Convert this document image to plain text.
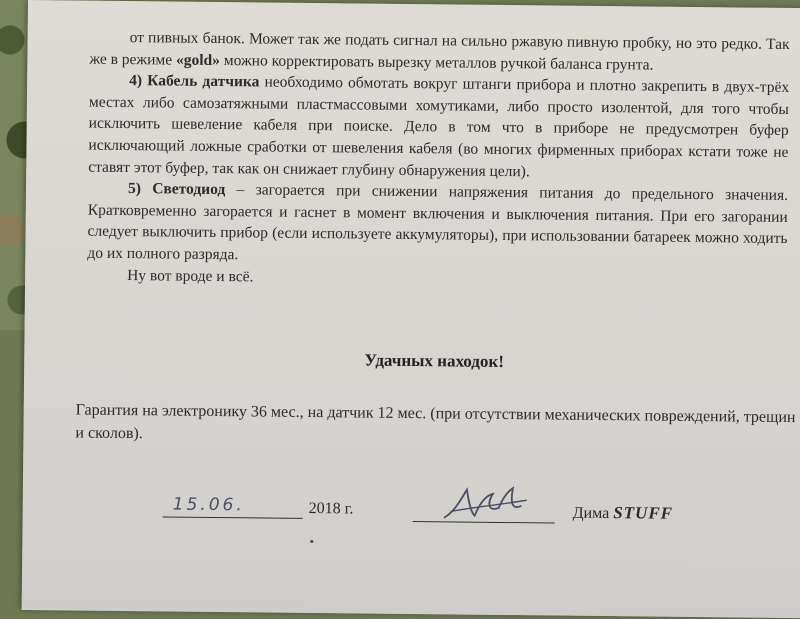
от пивных банок. Может так же подать сигнал на сильно ржавую пивную пробку, но это редко. Так же в режиме «gold» можно корректировать вырезку металлов ручкой баланса грунта.

4) Кабель датчика необходимо обмотать вокруг штанги прибора и плотно закрепить в двух-трёх местах либо самозатяжными пластмассовыми хомутиками, либо просто изолентой, для того чтобы исключить шевеление кабеля при поиске. Дело в том что в приборе не предусмотрен буфер исключающий ложные сработки от шевеления кабеля (во многих фирменных приборах кстати тоже не ставят этот буфер, так как он снижает глубину обнаружения цели).

5) Светодиод – загорается при снижении напряжения питания до предельного значения. Кратковременно загорается и гаснет в момент включения и выключения питания. При его загорании следует выключить прибор (если используете аккумуляторы), при использовании батареек можно ходить до их полного разряда.

Ну вот вроде и всё.

Удачных находок!
Гарантия на электронику 36 мес., на датчик 12 мес. (при отсутствии механических повреждений, трещин и сколов).
15.06.	2018 г.	Дима STUFF
